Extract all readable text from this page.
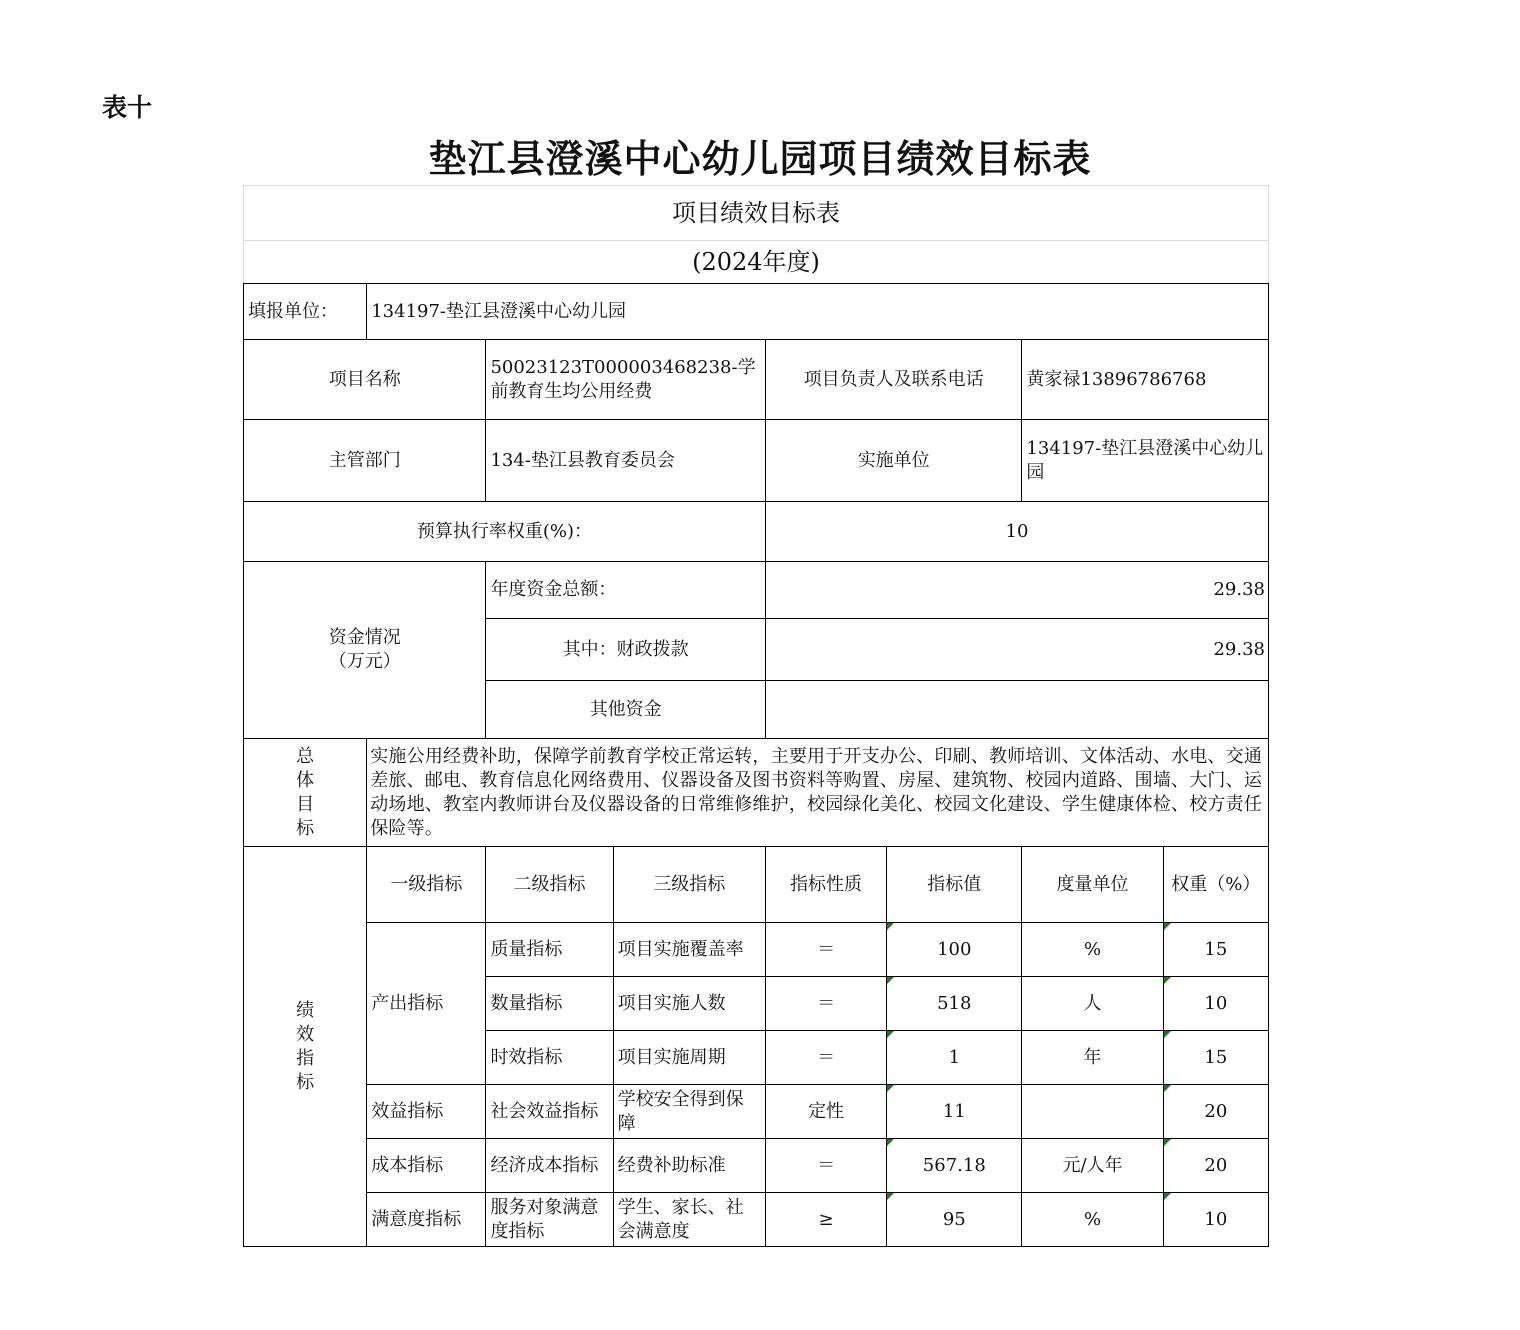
表十
垫江县澄溪中心幼儿园项目绩效目标表
项目绩效目标表
(2024年度)
填报单位：	134197-垫江县澄溪中心幼儿园						
项目名称		50023123T000003468238-学前教育生均公用经费		项目负责人及联系电话		黄家禄13896786768	
主管部门		134-垫江县教育委员会		实施单位		134197-垫江县澄溪中心幼儿园	
预算执行率权重(%)：				10			

资金情况
（万元）		年度资金总额：		29.38			
		其中：财政拨款		29.38			
		其他资金					

总
体
目
标	实施公用经费补助，保障学前教育学校正常运转，主要用于开支办公、印刷、教师培训、文体活动、水电、交通差旅、邮电、教育信息化网络费用、仪器设备及图书资料等购置、房屋、建筑物、校园内道路、围墙、大门、运动场地、教室内教师讲台及仪器设备的日常维修维护，校园绿化美化、校园文化建设、学生健康体检、校方责任保险等。						

绩
效
指
标	一级指标	二级指标	三级指标	指标性质	指标值	度量单位	权重（%）
	产出指标	质量指标	项目实施覆盖率	＝	100	%	15
		数量指标	项目实施人数	＝	518	人	10
		时效指标	项目实施周期	＝	1	年	15
	效益指标	社会效益指标	学校安全得到保障	定性	11		20
	成本指标	经济成本指标	经费补助标准	＝	567.18	元/人年	20
	满意度指标	服务对象满意度指标	学生、家长、社会满意度	≥	95	%	10
